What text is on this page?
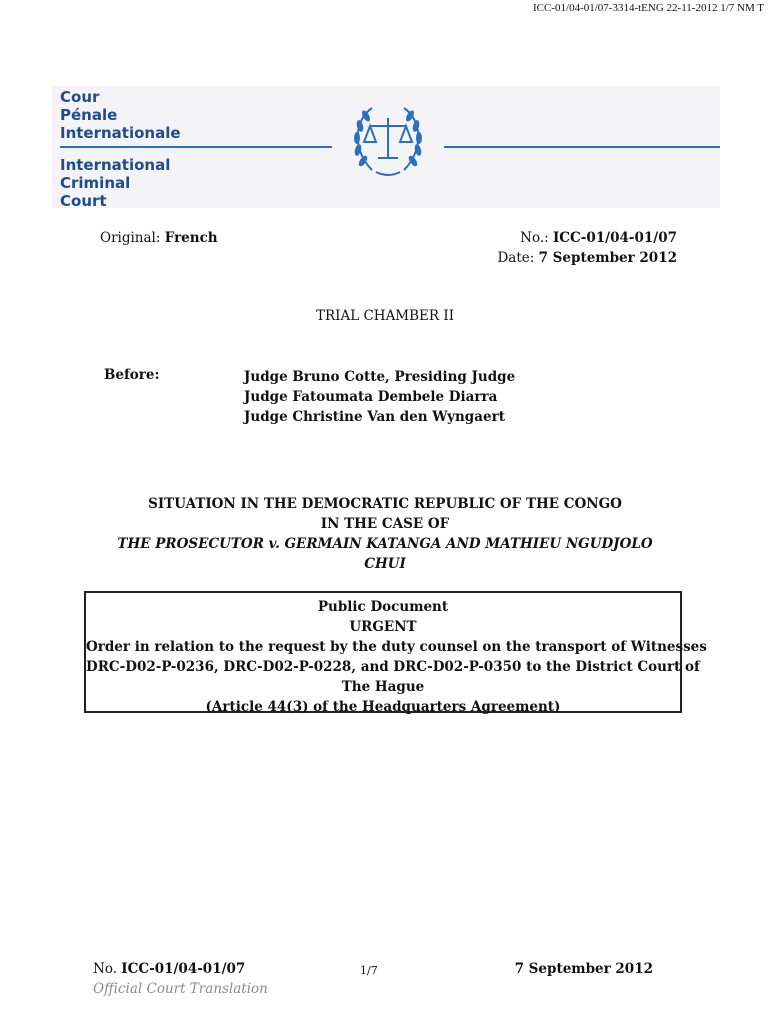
ICC-01/04-01/07-3314-tENG 22-11-2012 1/7 NM T
Cour
Pénale
Internationale
International
Criminal
Court
Original: French	No.: ICC-01/04-01/07
Date: 7 September 2012
TRIAL CHAMBER II
Before:	Judge Bruno Cotte, Presiding Judge
Judge Fatoumata Dembele Diarra
Judge Christine Van den Wyngaert
SITUATION IN THE DEMOCRATIC REPUBLIC OF THE CONGO
IN THE CASE OF
THE PROSECUTOR v. GERMAIN KATANGA AND MATHIEU NGUDJOLO
CHUI
Public Document
URGENT
Order in relation to the request by the duty counsel on the transport of Witnesses
DRC-D02-P-0236, DRC-D02-P-0228, and DRC-D02-P-0350 to the District Court of
The Hague
(Article 44(3) of the Headquarters Agreement)
No. ICC-01/04-01/07	1/7	7 September 2012
Official Court Translation
